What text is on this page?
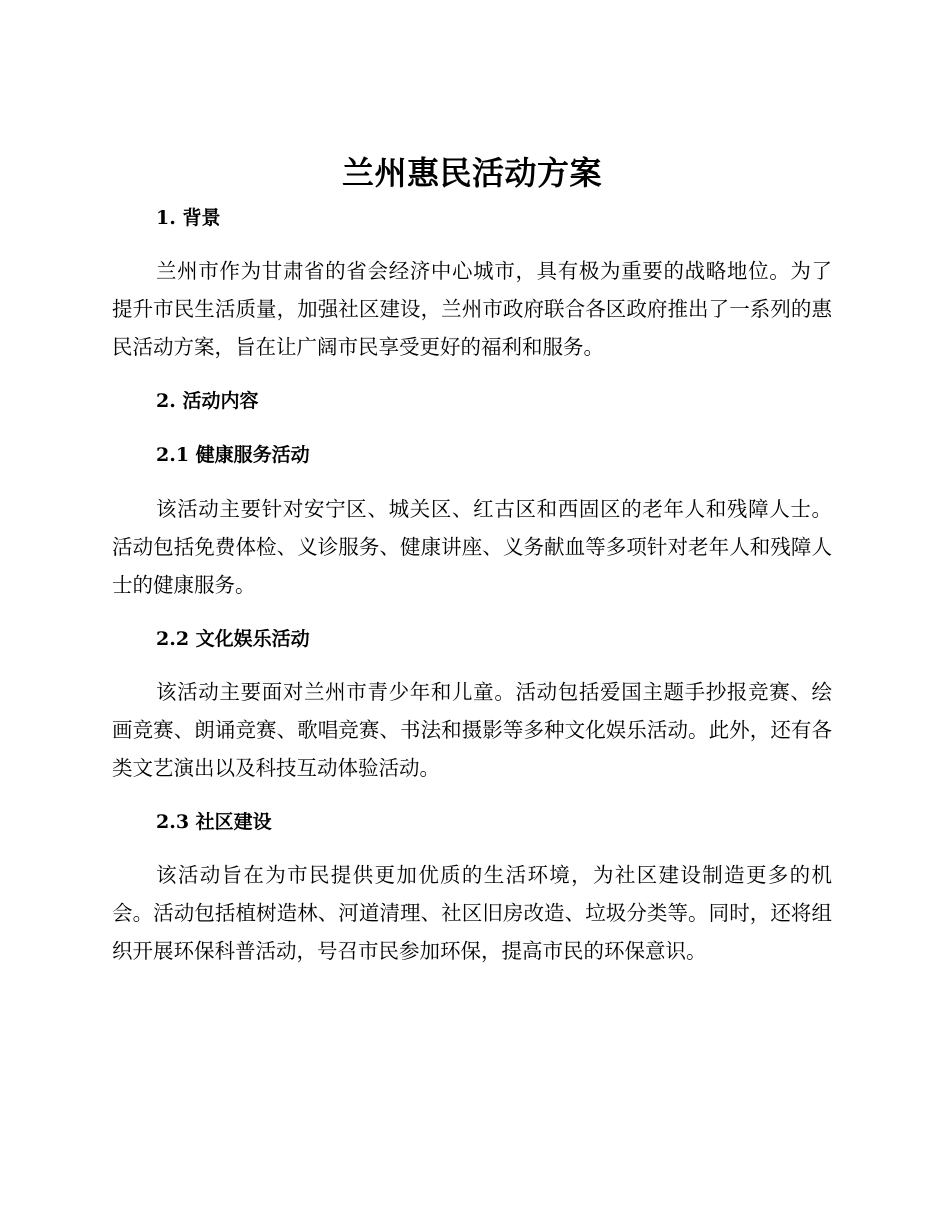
兰州惠民活动方案
1. 背景

兰州市作为甘肃省的省会经济中心城市，具有极为重要的战略地位。为了提升市民生活质量，加强社区建设，兰州市政府联合各区政府推出了一系列的惠民活动方案，旨在让广阔市民享受更好的福利和服务。

2. 活动内容
2.1 健康服务活动

该活动主要针对安宁区、城关区、红古区和西固区的老年人和残障人士。活动包括免费体检、义诊服务、健康讲座、义务献血等多项针对老年人和残障人士的健康服务。

2.2 文化娱乐活动

该活动主要面对兰州市青少年和儿童。活动包括爱国主题手抄报竞赛、绘画竞赛、朗诵竞赛、歌唱竞赛、书法和摄影等多种文化娱乐活动。此外，还有各类文艺演出以及科技互动体验活动。

2.3 社区建设

该活动旨在为市民提供更加优质的生活环境，为社区建设制造更多的机会。活动包括植树造林、河道清理、社区旧房改造、垃圾分类等。同时，还将组织开展环保科普活动，号召市民参加环保，提高市民的环保意识。
